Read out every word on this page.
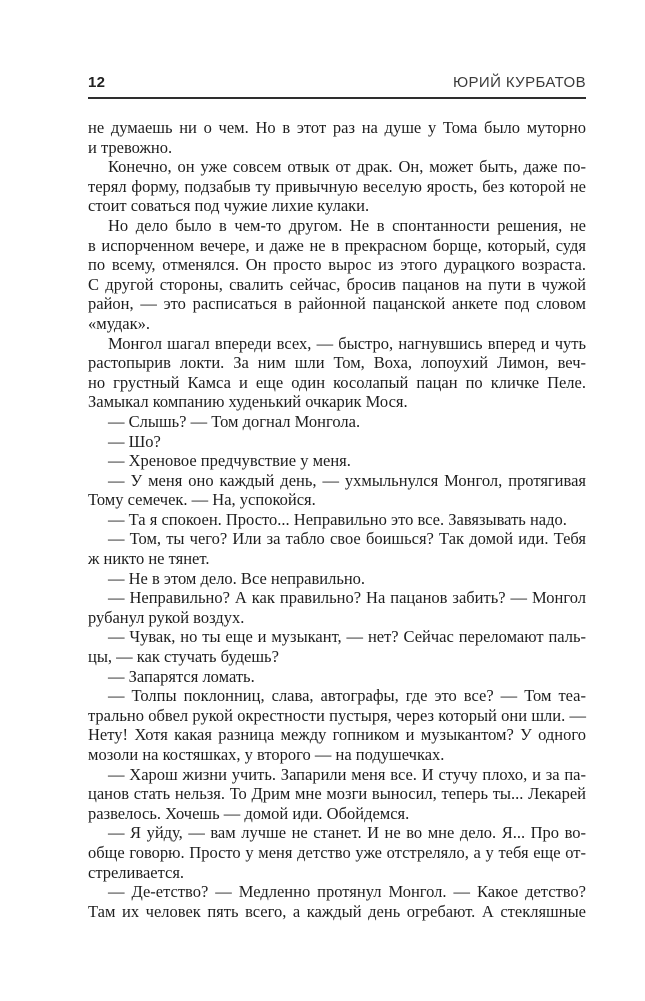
12	ЮРИЙ КУРБАТОВ
не думаешь ни о чем. Но в этот раз на душе у Тома было муторно
и тревожно.
Конечно, он уже совсем отвык от драк. Он, может быть, даже по-
терял форму, подзабыв ту привычную веселую ярость, без которой не
стоит соваться под чужие лихие кулаки.
Но дело было в чем-то другом. Не в спонтанности решения, не
в испорченном вечере, и даже не в прекрасном борще, который, судя
по всему, отменялся. Он просто вырос из этого дурацкого возраста.
С другой стороны, свалить сейчас, бросив пацанов на пути в чужой
район, — это расписаться в районной пацанской анкете под словом
«мудак».
Монгол шагал впереди всех, — быстро, нагнувшись вперед и чуть
растопырив локти. За ним шли Том, Воха, лопоухий Лимон, веч-
но грустный Камса и еще один косолапый пацан по кличке Пеле.
Замыкал компанию худенький очкарик Мося.
— Слышь? — Том догнал Монгола.
— Шо?
— Хреновое предчувствие у меня.
— У меня оно каждый день, — ухмыльнулся Монгол, протягивая
Тому семечек. — На, успокойся.
— Та я спокоен. Просто... Неправильно это все. Завязывать надо.
— Том, ты чего? Или за табло свое боишься? Так домой иди. Тебя
ж никто не тянет.
— Не в этом дело. Все неправильно.
— Неправильно? А как правильно? На пацанов забить? — Монгол
рубанул рукой воздух.
— Чувак, но ты еще и музыкант, — нет? Сейчас переломают паль-
цы, — как стучать будешь?
— Запарятся ломать.
— Толпы поклонниц, слава, автографы, где это все? — Том теа-
трально обвел рукой окрестности пустыря, через который они шли. —
Нету! Хотя какая разница между гопником и музыкантом? У одного
мозоли на костяшках, у второго — на подушечках.
— Харош жизни учить. Запарили меня все. И стучу плохо, и за па-
цанов стать нельзя. То Дрим мне мозги выносил, теперь ты... Лекарей
развелось. Хочешь — домой иди. Обойдемся.
— Я уйду, — вам лучше не станет. И не во мне дело. Я... Про во-
обще говорю. Просто у меня детство уже отстреляло, а у тебя еще от-
стреливается.
— Де-етство? — Медленно протянул Монгол. — Какое детство?
Там их человек пять всего, а каждый день огребают. А стекляшные
